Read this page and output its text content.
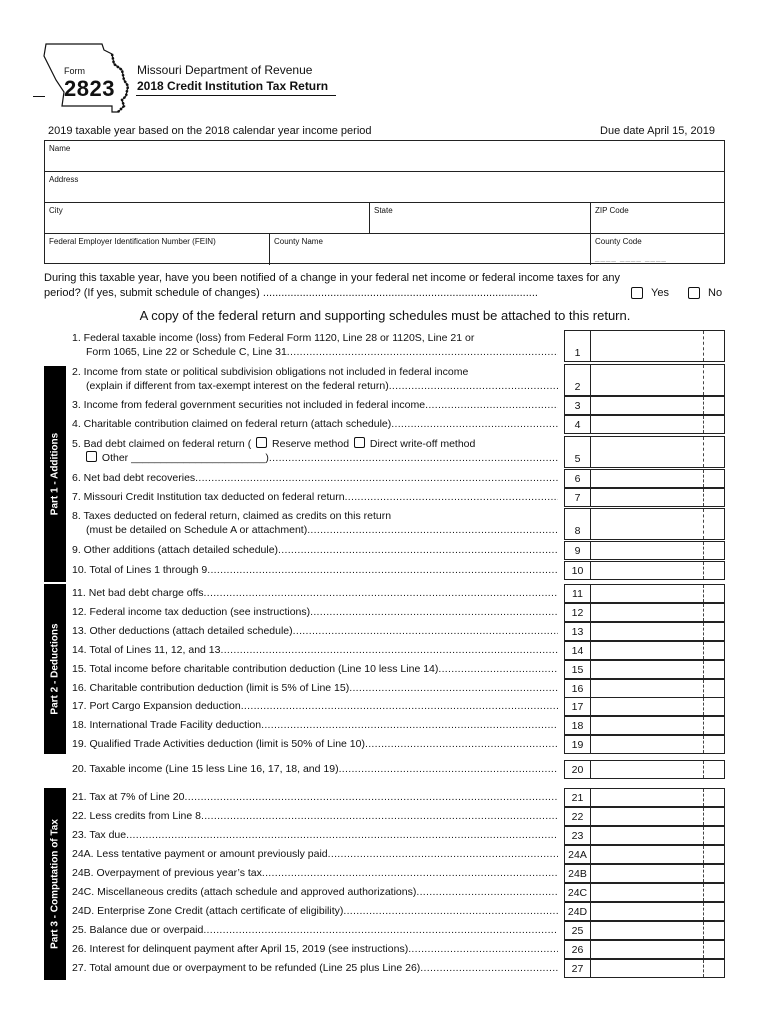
Form
2823
Missouri Department of Revenue
2018 Credit Institution Tax Return
2019 taxable year based on the 2018 calendar year income period	Due date April 15, 2019
Name
Address
City	State	ZIP Code
Federal Employer Identification Number (FEIN)	County Name	County Code
____ ____ ____
During this taxable year, have you been notified of a change in your federal net income or federal income taxes for any period? (If yes, submit schedule of changes) ..........................................................................................	Yes	No
A copy of the federal return and supporting schedules must be attached to this return.
Part 1 - Additions
Part 2 - Deductions
Part 3 - Computation of Tax
1. Federal taxable income (loss) from Federal Form 1120, Line 28 or 1120S, Line 21 or
Form 1065, Line 22 or Schedule C, Line 31 .....	1
2. Income from state or political subdivision obligations not included in federal income
(explain if different from tax-exempt interest on the federal return) .....	2
3. Income from federal government securities not included in federal income .....	3
4. Charitable contribution claimed on federal return (attach schedule) .....	4
5. Bad debt claimed on federal return ( Reserve method Direct write-off method
Other _______________________) .....	5
6. Net bad debt recoveries .....	6
7. Missouri Credit Institution tax deducted on federal return .....	7
8. Taxes deducted on federal return, claimed as credits on this return
(must be detailed on Schedule A or attachment) .....	8
9. Other additions (attach detailed schedule) .....	9
10. Total of Lines 1 through 9 .....	10
11. Net bad debt charge offs .....	11
12. Federal income tax deduction (see instructions) .....	12
13. Other deductions (attach detailed schedule) .....	13
14. Total of Lines 11, 12, and 13 .....	14
15. Total income before charitable contribution deduction (Line 10 less Line 14) .....	15
16. Charitable contribution deduction (limit is 5% of Line 15) .....	16
17. Port Cargo Expansion deduction .....	17
18. International Trade Facility deduction .....	18
19. Qualified Trade Activities deduction (limit is 50% of Line 10) .....	19
20. Taxable income (Line 15 less Line 16, 17, 18, and 19) .....	20
21. Tax at 7% of Line 20 .....	21
22. Less credits from Line 8 .....	22
23. Tax due .....	23
24A. Less tentative payment or amount previously paid .....	24A
24B. Overpayment of previous year’s tax .....	24B
24C. Miscellaneous credits (attach schedule and approved authorizations) .....	24C
24D. Enterprise Zone Credit (attach certificate of eligibility) .....	24D
25. Balance due or overpaid .....	25
26. Interest for delinquent payment after April 15, 2019 (see instructions) .....	26
27. Total amount due or overpayment to be refunded (Line 25 plus Line 26) .....	27
